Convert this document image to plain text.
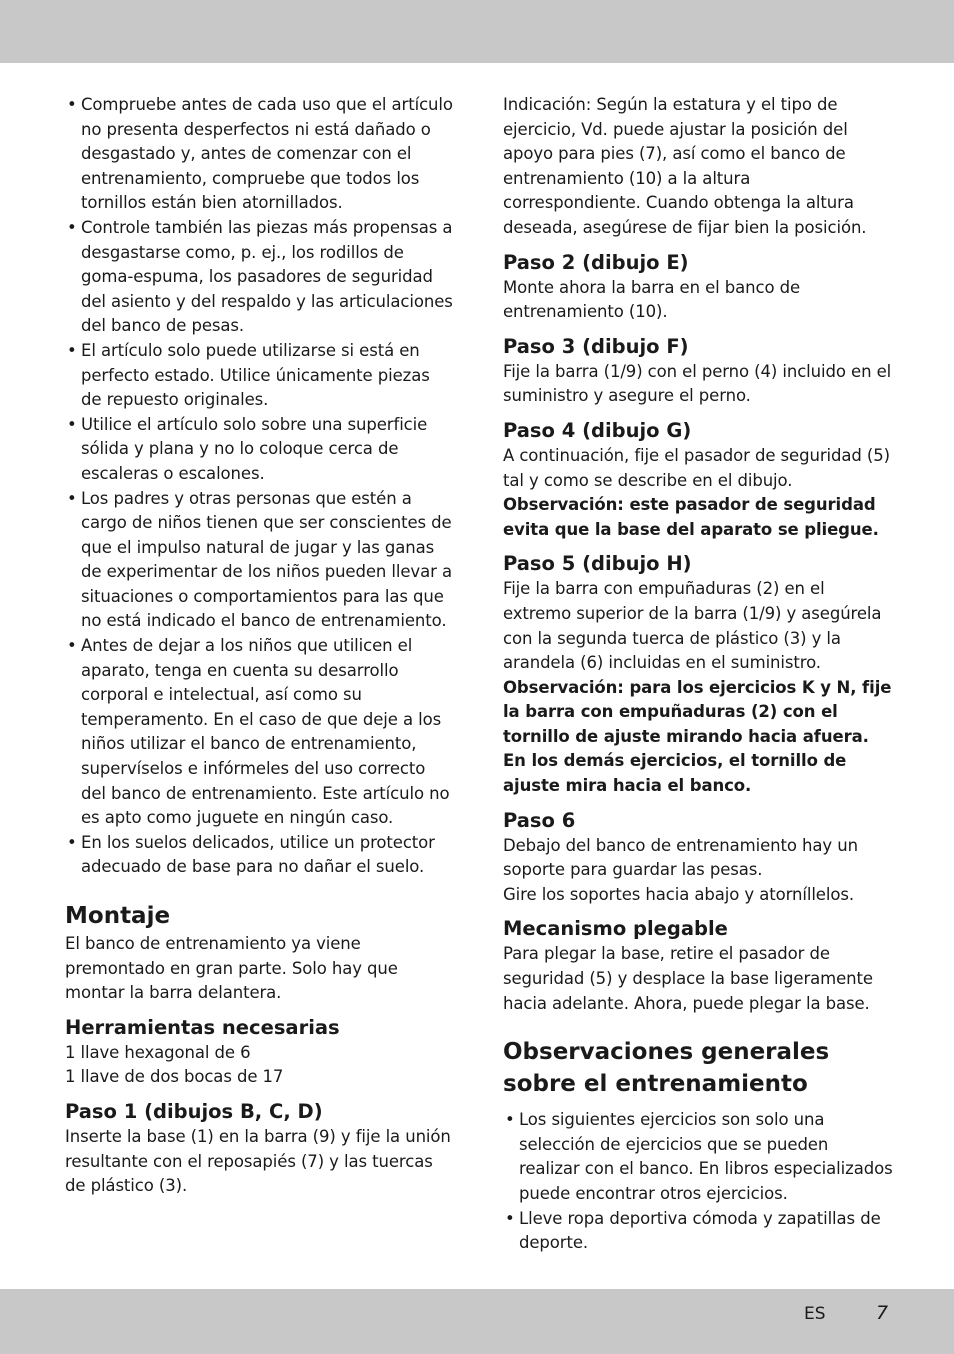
• Compruebe antes de cada uso que el artículo no presenta desperfectos ni está dañado o desgastado y, antes de comenzar con el entrenamiento, compruebe que todos los tornillos están bien atornillados.
• Controle también las piezas más propensas a desgastarse como, p. ej., los rodillos de goma-espuma, los pasadores de seguridad del asiento y del respaldo y las articulaciones del banco de pesas.
• El artículo solo puede utilizarse si está en perfecto estado. Utilice únicamente piezas de repuesto originales.
• Utilice el artículo solo sobre una superficie sólida y plana y no lo coloque cerca de escaleras o escalones.
• Los padres y otras personas que estén a cargo de niños tienen que ser conscientes de que el impulso natural de jugar y las ganas de experimentar de los niños pueden llevar a situaciones o comportamientos para las que no está indicado el banco de entrenamiento.
• Antes de dejar a los niños que utilicen el aparato, tenga en cuenta su desarrollo corporal e intelectual, así como su temperamento. En el caso de que deje a los niños utilizar el banco de entrenamiento, supervíselos e infórmeles del uso correcto del banco de entrenamiento. Este artículo no es apto como juguete en ningún caso.
• En los suelos delicados, utilice un protector adecuado de base para no dañar el suelo.
Montaje

El banco de entrenamiento ya viene premontado en gran parte. Solo hay que montar la barra delantera.

Herramientas necesarias

1 llave hexagonal de 6

1 llave de dos bocas de 17

Paso 1 (dibujos B, C, D)

Inserte la base (1) en la barra (9) y fije la unión resultante con el reposapiés (7) y las tuercas de plástico (3).

Indicación: Según la estatura y el tipo de ejercicio, Vd. puede ajustar la posición del apoyo para pies (7), así como el banco de entrenamiento (10) a la altura correspondiente. Cuando obtenga la altura deseada, asegúrese de fijar bien la posición.

Paso 2 (dibujo E)

Monte ahora la barra en el banco de entrenamiento (10).

Paso 3 (dibujo F)

Fije la barra (1/9) con el perno (4) incluido en el suministro y asegure el perno.

Paso 4 (dibujo G)

A continuación, fije el pasador de seguridad (5) tal y como se describe en el dibujo.

Observación: este pasador de seguridad evita que la base del aparato se pliegue.

Paso 5 (dibujo H)

Fije la barra con empuñaduras (2) en el extremo superior de la barra (1/9) y asegúrela con la segunda tuerca de plástico (3) y la arandela (6) incluidas en el suministro.

Observación: para los ejercicios K y N, fije la barra con empuñaduras (2) con el tornillo de ajuste mirando hacia afuera. En los demás ejercicios, el tornillo de ajuste mira hacia el banco.

Paso 6

Debajo del banco de entrenamiento hay un soporte para guardar las pesas.

Gire los soportes hacia abajo y atorníllelos.

Mecanismo plegable

Para plegar la base, retire el pasador de seguridad (5) y desplace la base ligeramente hacia adelante. Ahora, puede plegar la base.

Observaciones generales sobre el entrenamiento
• Los siguientes ejercicios son solo una selección de ejercicios que se pueden realizar con el banco. En libros especializados puede encontrar otros ejercicios.
• Lleve ropa deportiva cómoda y zapatillas de deporte.
ES	7
